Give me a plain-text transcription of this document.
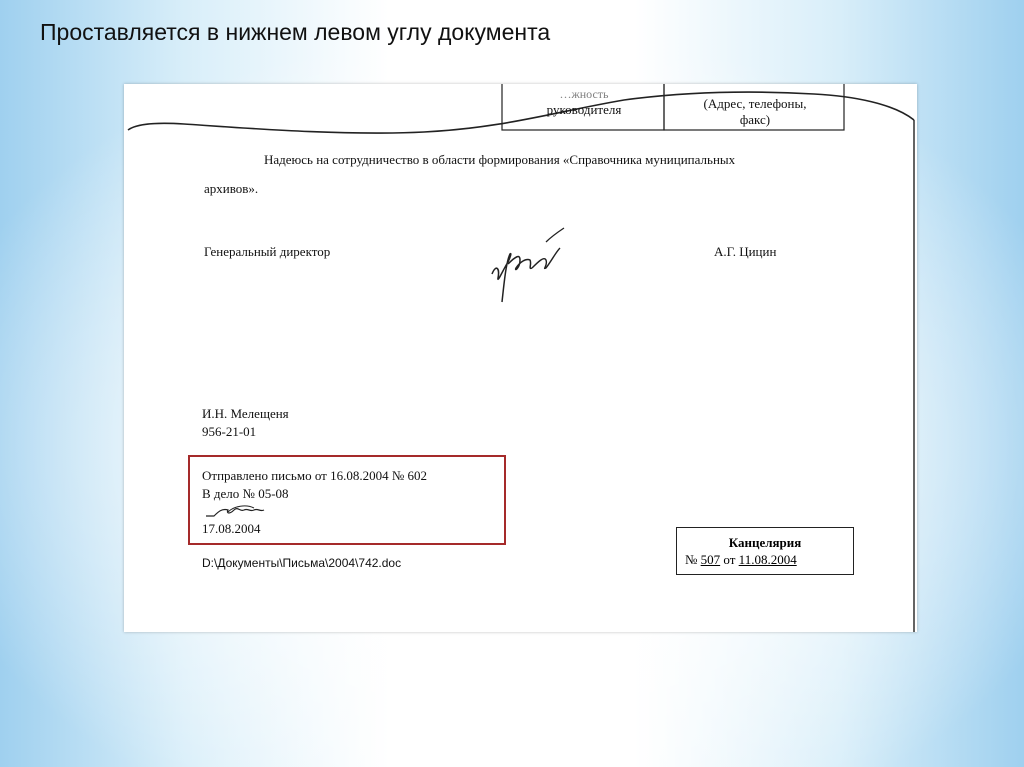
Проставляется в нижнем левом углу документа
…жность
руководителя	(Адрес, телефоны,
факс)
Надеюсь на сотрудничество в области формирования «Справочника муниципальных
архивов».
Генеральный директор	А.Г. Цицин
И.Н. Мелещеня
956-21-01
Отправлено письмо от 16.08.2004 № 602
В дело № 05-08
17.08.2004
D:\Документы\Письма\2004\742.doc
Канцелярия
№ 507 от 11.08.2004
